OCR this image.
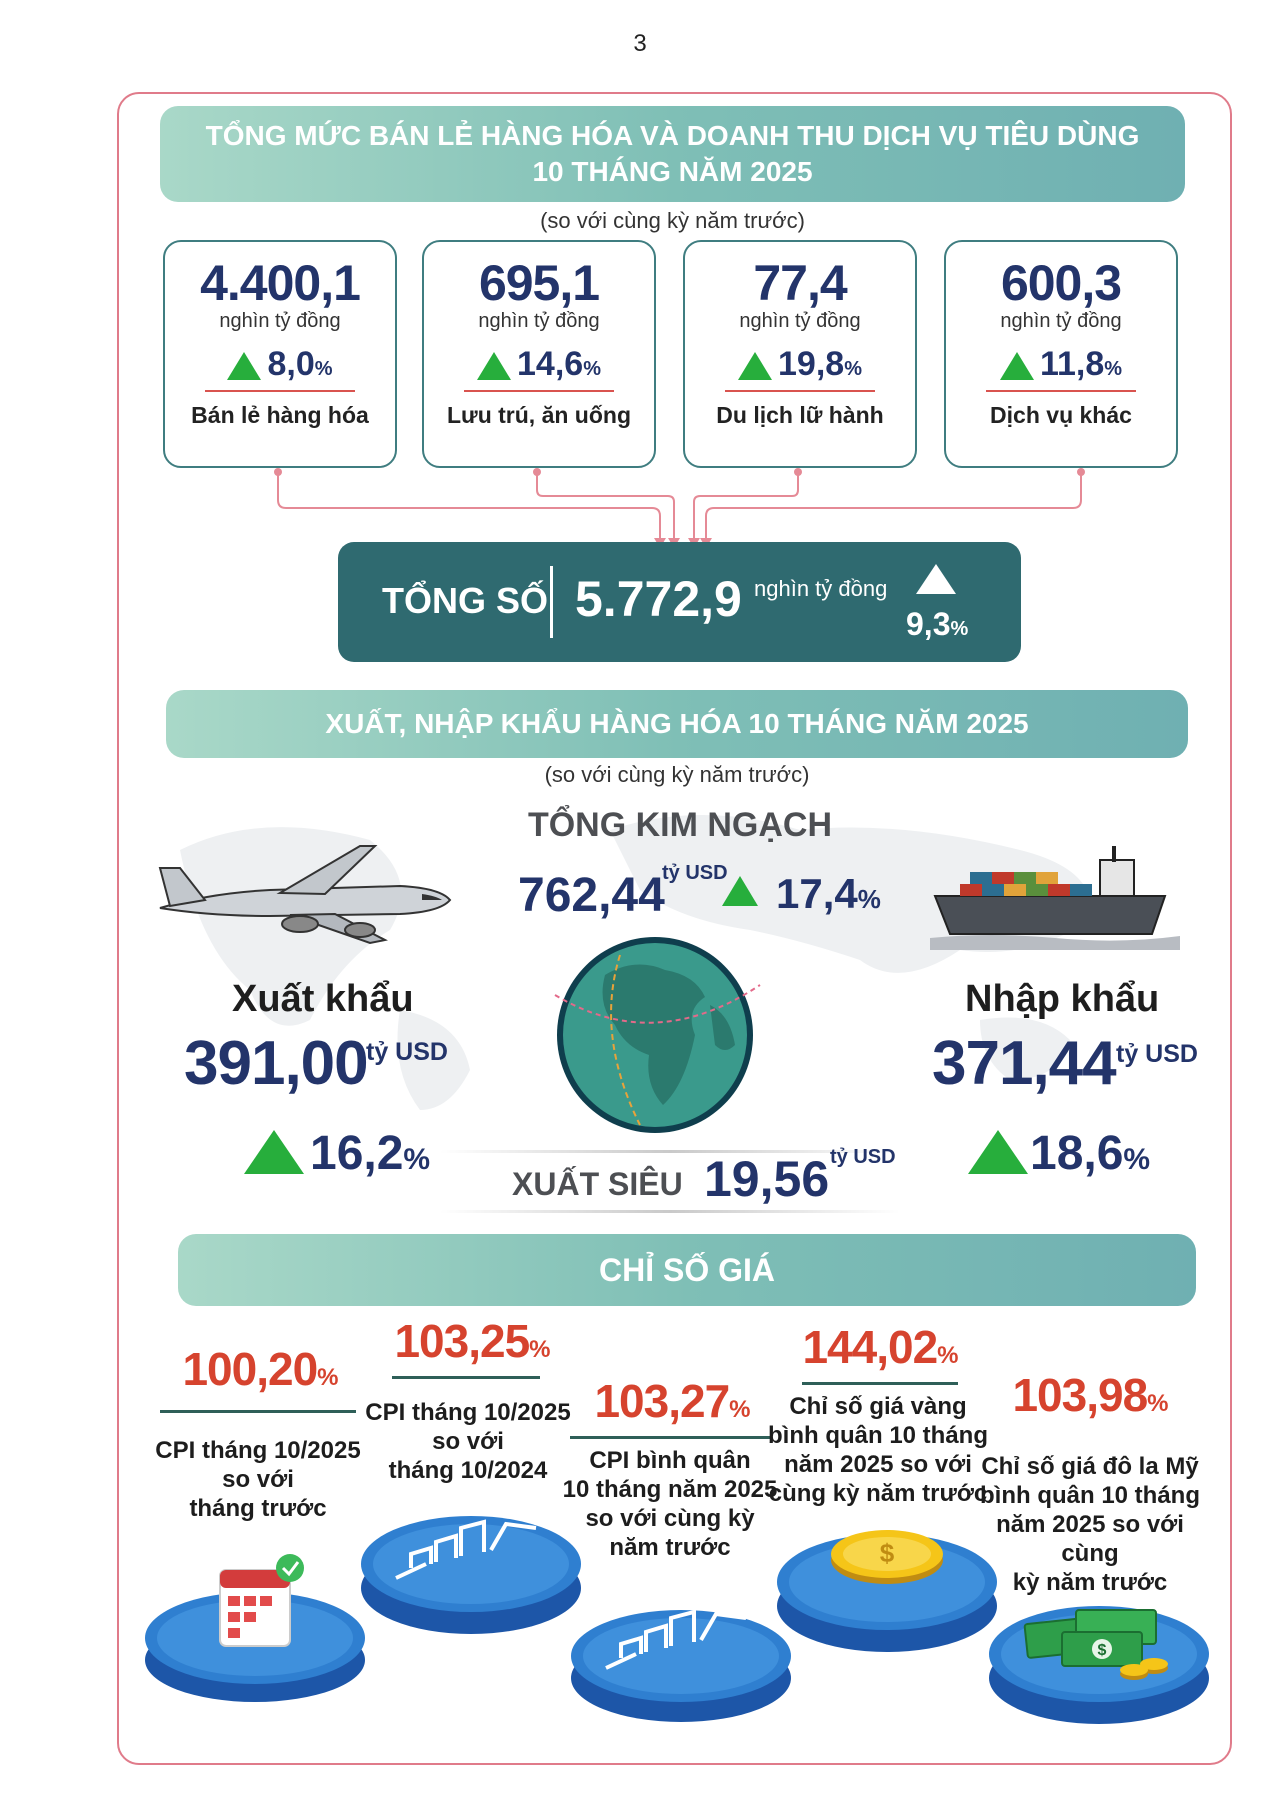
3
TỔNG MỨC BÁN LẺ HÀNG HÓA VÀ DOANH THU DỊCH VỤ TIÊU DÙNG
10 THÁNG NĂM 2025
(so với cùng kỳ năm trước)
4.400,1
nghìn tỷ đồng
8,0%
Bán lẻ hàng hóa
695,1
nghìn tỷ đồng
14,6%
Lưu trú, ăn uống
77,4
nghìn tỷ đồng
19,8%
Du lịch lữ hành
600,3
nghìn tỷ đồng
11,8%
Dịch vụ khác
TỔNG SỐ 5.772,9 nghìn tỷ đồng
9,3%
XUẤT, NHẬP KHẨU HÀNG HÓA 10 THÁNG NĂM 2025
(so với cùng kỳ năm trước)
TỔNG KIM NGẠCH
762,44
tỷ USD 17,4%
Xuất khẩu
391,00
tỷ USD
16,2%
Nhập khẩu
371,44 tỷ USD
18,6%
XUẤT SIÊU 19,56 tỷ USD
CHỈ SỐ GIÁ
100,20%
CPI tháng 10/2025
so với
tháng trước
103,25%
CPI tháng 10/2025
so với
tháng 10/2024
103,27%
CPI bình quân
10 tháng năm 2025
so với cùng kỳ
năm trước
144,02%
Chỉ số giá vàng
bình quân 10 tháng
năm 2025 so với
cùng kỳ năm trước
103,98%
Chỉ số giá đô la Mỹ
bình quân 10 tháng
năm 2025 so với cùng
kỳ năm trước
$
$
